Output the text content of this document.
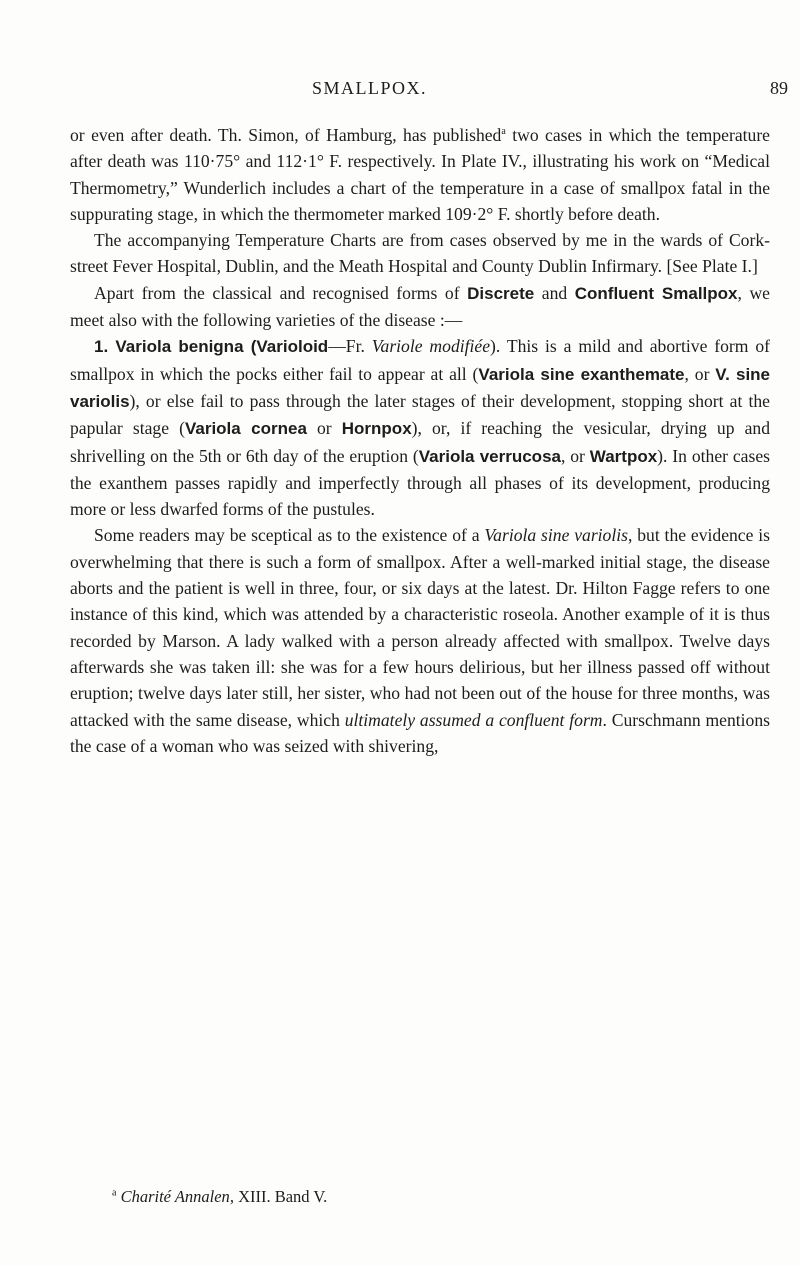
SMALLPOX.	89

or even after death. Th. Simon, of Hamburg, has published$^a$ two cases in which the temperature after death was 110·75° and 112·1° F. respectively. In Plate IV., illustrating his work on “Medical Thermometry,” Wunderlich includes a chart of the temperature in a case of smallpox fatal in the suppurating stage, in which the thermometer marked 109·2° F. shortly before death.

The accompanying Temperature Charts are from cases observed by me in the wards of Cork-street Fever Hospital, Dublin, and the Meath Hospital and County Dublin Infirmary. [See Plate I.]

Apart from the classical and recognised forms of Discrete and Confluent Smallpox, we meet also with the following varieties of the disease :—

1. Variola benigna (Varioloid—Fr. Variole modifiée). This is a mild and abortive form of smallpox in which the pocks either fail to appear at all (Variola sine exanthemate, or V. sine variolis), or else fail to pass through the later stages of their development, stopping short at the papular stage (Variola cornea or Hornpox), or, if reaching the vesicular, drying up and shrivelling on the 5th or 6th day of the eruption (Variola verrucosa, or Wartpox). In other cases the exanthem passes rapidly and imperfectly through all phases of its development, producing more or less dwarfed forms of the pustules.

Some readers may be sceptical as to the existence of a Variola sine variolis, but the evidence is overwhelming that there is such a form of smallpox. After a well-marked initial stage, the disease aborts and the patient is well in three, four, or six days at the latest. Dr. Hilton Fagge refers to one instance of this kind, which was attended by a characteristic roseola. Another example of it is thus recorded by Marson. A lady walked with a person already affected with smallpox. Twelve days afterwards she was taken ill: she was for a few hours delirious, but her illness passed off without eruption; twelve days later still, her sister, who had not been out of the house for three months, was attacked with the same disease, which ultimately assumed a confluent form. Curschmann mentions the case of a woman who was seized with shivering,

$^a$ Charité Annalen, XIII. Band V.
